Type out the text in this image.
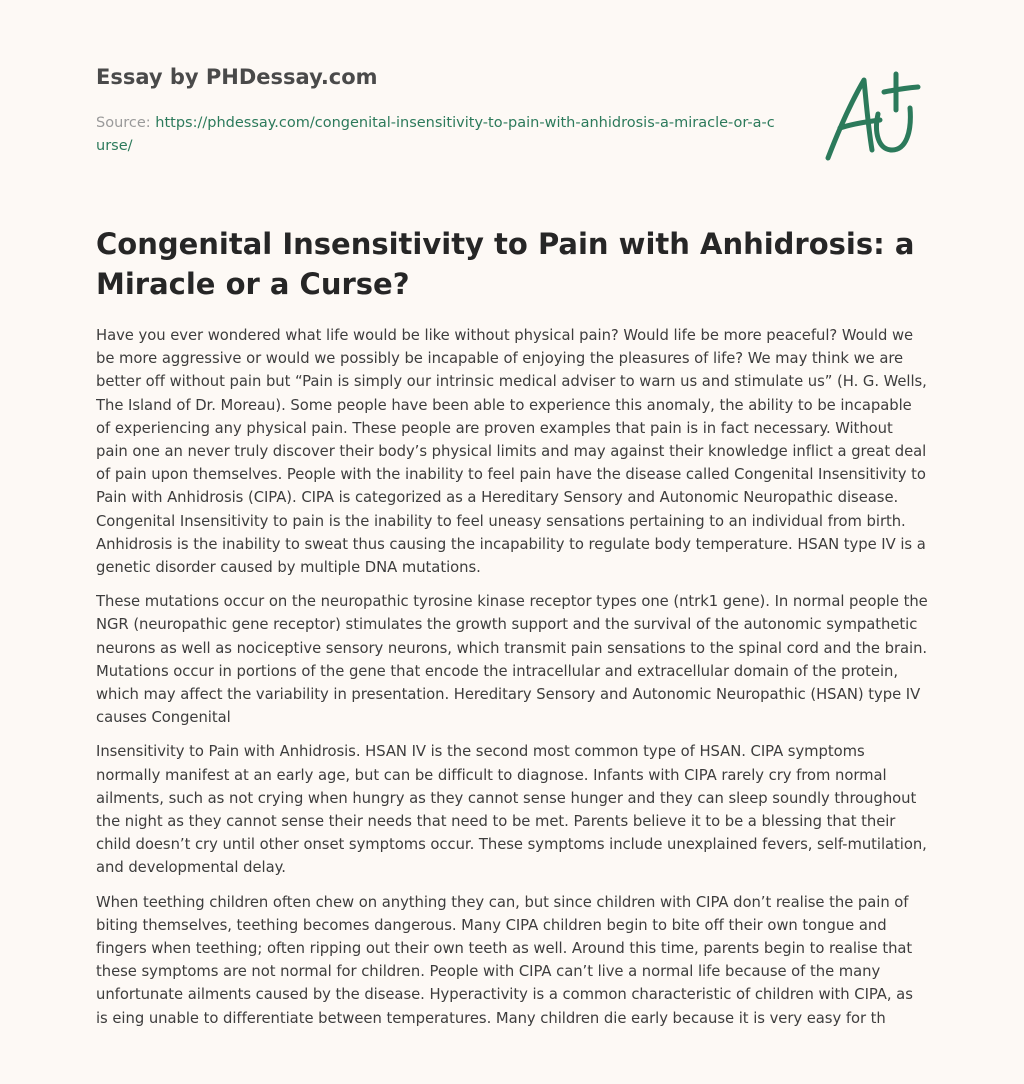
Essay by PHDessay.com
Source: https://phdessay.com/congenital-insensitivity-to-pain-with-anhidrosis-a-miracle-or-a-curse/
Congenital Insensitivity to Pain with Anhidrosis: a Miracle or a Curse?

Have you ever wondered what life would be like without physical pain? Would life be more peaceful? Would we be more aggressive or would we possibly be incapable of enjoying the pleasures of life? We may think we are better off without pain but “Pain is simply our intrinsic medical adviser to warn us and stimulate us” (H. G. Wells, The Island of Dr. Moreau). Some people have been able to experience this anomaly, the ability to be incapable of experiencing any physical pain. These people are proven examples that pain is in fact necessary. Without pain one an never truly discover their body’s physical limits and may against their knowledge inflict a great deal of pain upon themselves. People with the inability to feel pain have the disease called Congenital Insensitivity to Pain with Anhidrosis (CIPA). CIPA is categorized as a Hereditary Sensory and Autonomic Neuropathic disease. Congenital Insensitivity to pain is the inability to feel uneasy sensations pertaining to an individual from birth. Anhidrosis is the inability to sweat thus causing the incapability to regulate body temperature. HSAN type IV is a genetic disorder caused by multiple DNA mutations.

These mutations occur on the neuropathic tyrosine kinase receptor types one (ntrk1 gene). In normal people the NGR (neuropathic gene receptor) stimulates the growth support and the survival of the autonomic sympathetic neurons as well as nociceptive sensory neurons, which transmit pain sensations to the spinal cord and the brain. Mutations occur in portions of the gene that encode the intracellular and extracellular domain of the protein, which may affect the variability in presentation. Hereditary Sensory and Autonomic Neuropathic (HSAN) type IV causes Congenital

Insensitivity to Pain with Anhidrosis. HSAN IV is the second most common type of HSAN. CIPA symptoms normally manifest at an early age, but can be difficult to diagnose. Infants with CIPA rarely cry from normal ailments, such as not crying when hungry as they cannot sense hunger and they can sleep soundly throughout the night as they cannot sense their needs that need to be met. Parents believe it to be a blessing that their child doesn’t cry until other onset symptoms occur. These symptoms include unexplained fevers, self-mutilation, and developmental delay.

When teething children often chew on anything they can, but since children with CIPA don’t realise the pain of biting themselves, teething becomes dangerous. Many CIPA children begin to bite off their own tongue and fingers when teething; often ripping out their own teeth as well. Around this time, parents begin to realise that these symptoms are not normal for children. People with CIPA can’t live a normal life because of the many unfortunate ailments caused by the disease. Hyperactivity is a common characteristic of children with CIPA, as is eing unable to differentiate between temperatures. Many children die early because it is very easy for th
